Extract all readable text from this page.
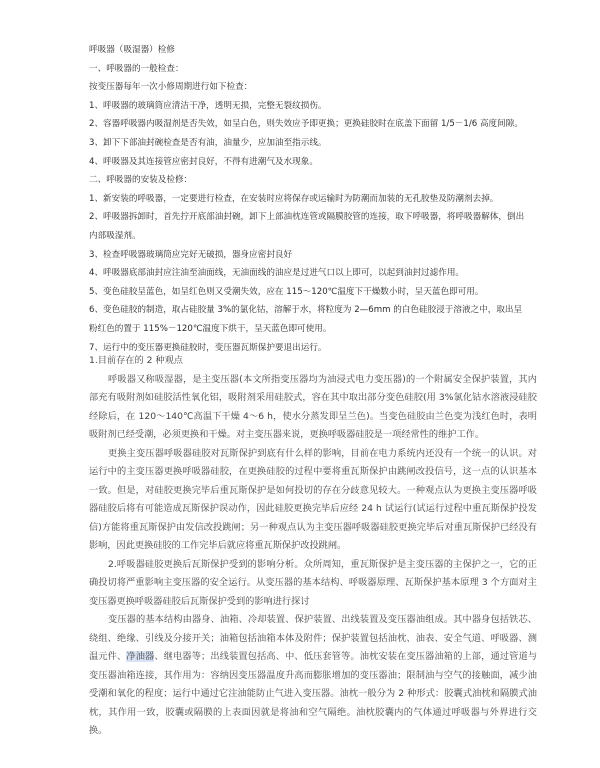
呼吸器（吸湿器）检修

一、呼吸器的一般检查：

按变压器每年一次小修周期进行如下检查：

1、呼吸器的玻璃筒应清洁干净，透明无损，完整无裂纹损伤。

2、容器呼吸器内吸湿剂是否失效，如呈白色，则失效应予即更换；更换硅胶时在底盖下面留 1/5－1/6 高度间隙。

3、卸下下部油封碗检查是否有油，油量少，应加油至指示线。

4、呼吸器及其连接管应密封良好，不得有进潮气及水现象。

二、呼吸器的安装及检修：

1、新安装的呼吸器，一定要进行检查，在安装时应将保存或运输时为防潮而加装的无孔胶垫及防潮剂去掉。

2、呼吸器拆卸时，首先拧开底部油封碗，卸下上部油枕连管或隔膜胶管的连接，取下呼吸器，将呼吸器解体，倒出内部吸湿剂。

3、检查呼吸器玻璃筒应完好无破损，器身应密封良好

4、呼吸器底部油封应注油至油面线，无油面线的油应是过进气口以上即可，以起到油封过滤作用。

5、变色硅胶呈蓝色，如呈红色则又受潮失效，应在 115～120℃温度下干燥数小时，呈天蓝色即可用。

6、变色硅胶的制造，取占硅胶量 3%的氯化钴，溶解于水，将粒度为 2—6mm 的白色硅胶浸于溶液之中，取出呈粉红色的置于 115%－120℃温度下烘干，呈天蓝色即可使用。

7、运行中的变压器更换硅胶时，变压器瓦斯保护要退出运行。

1.目前存在的 2 种观点

呼吸器又称吸湿器，是主变压器(本文所指变压器均为油浸式电力变压器)的一个附属安全保护装置，其内部充有吸附剂如硅胶活性氧化铝，吸附剂采用硅胶式，容在其中取出部分变色硅胶(用 3%氯化钴水溶液浸硅胶经除后，在 120～140℃高温下干燥 4～6 h，使水分蒸发即呈兰色)。当变色硅胶由兰色变为浅红色时，表明吸附剂已经受潮，必须更换和干燥。对主变压器来说，更换呼吸器硅胶是一项经常性的维护工作。

更换主变压器呼吸器硅胶对瓦斯保护到底有什么样的影响，目前在电力系统内还没有一个统一的认识。对运行中的主变压器更换呼吸器硅胶，在更换硅胶的过程中要将重瓦斯保护由跳闸改投信号，这一点的认识基本一致。但是，对硅胶更换完毕后重瓦斯保护是如何投切的存在分歧意见较大。一种观点认为更换主变压器呼吸器硅胶后将有可能造成瓦斯保护误动作，因此硅胶更换完毕后应经 24 h 试运行(试运行过程中重瓦斯保护投发信)方能将重瓦斯保护由发信改投跳闸；另一种观点认为主变压器呼吸器硅胶更换完毕后对重瓦斯保护已经没有影响，因此更换硅胶的工作完毕后就应将重瓦斯保护改投跳闸。

2.呼吸器硅胶更换后瓦斯保护受到的影响分析。众所周知，重瓦斯保护是主变压器的主保护之一，它的正确投切将严重影响主变压器的安全运行。从变压器的基本结构、呼吸器原理、瓦斯保护基本原理 3 个方面对主变压器更换呼吸器硅胶后瓦斯保护受到的影响进行探讨

变压器的基本结构由器身、油箱、冷却装置、保护装置、出线装置及变压器油组成。其中器身包括铁芯、绕组、绝缘、引线及分接开关；油箱包括油箱本体及附件；保护装置包括油枕、油表、安全气道、呼吸器、测温元件、净油器、继电器等；出线装置包括高、中、低压套管等。油枕安装在变压器油箱的上部，通过管道与变压器油箱连接，其作用为：容纳因变压器温度升高而膨胀增加的变压器油；限制油与空气的接触面，减少油受潮和氧化的程度；运行中通过它注油能防止气进入变压器。油枕一般分为 2 种形式：胶囊式油枕和隔膜式油枕，其作用一致，胶囊或隔膜的上表面因就是将油和空气隔绝。油枕胶囊内的气体通过呼吸器与外界进行交换。
